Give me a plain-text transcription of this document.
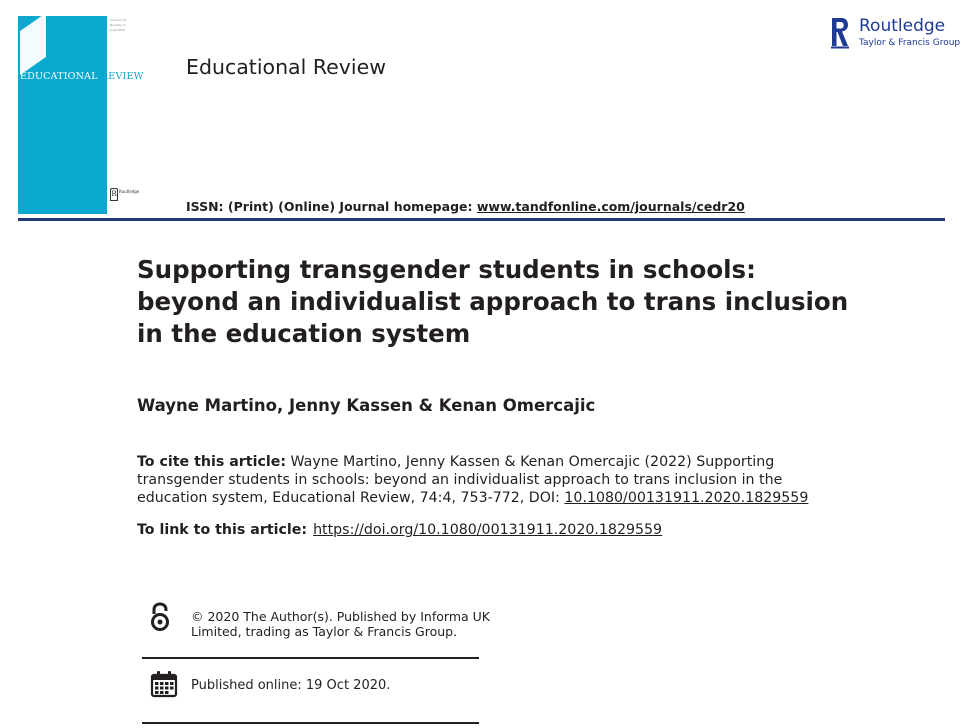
Volume 74
Number 4
June 2022
EDUCATIONAL REVIEW
R Routledge
Educational Review
ISSN: (Print) (Online) Journal homepage: www.tandfonline.com/journals/cedr20
Routledge
Taylor & Francis Group
Supporting transgender students in schools: beyond an individualist approach to trans inclusion in the education system
Wayne Martino, Jenny Kassen & Kenan Omercajic
To cite this article: Wayne Martino, Jenny Kassen & Kenan Omercajic (2022) Supporting transgender students in schools: beyond an individualist approach to trans inclusion in the education system, Educational Review, 74:4, 753-772, DOI: 10.1080/00131911.2020.1829559
To link to this article: https://doi.org/10.1080/00131911.2020.1829559
© 2020 The Author(s). Published by Informa UK Limited, trading as Taylor & Francis Group.
Published online: 19 Oct 2020.
